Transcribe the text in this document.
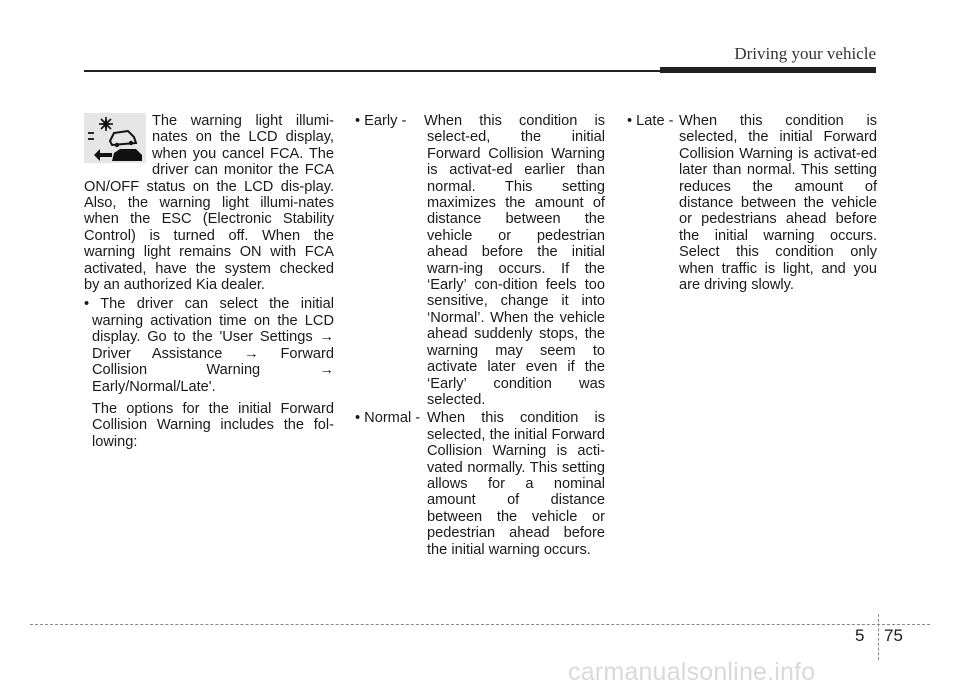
Driving your vehicle
The warning light illumi-nates on the LCD display, when you cancel FCA. The driver can monitor the FCA ON/OFF status on the LCD dis-play. Also, the warning light illumi-nates when the ESC (Electronic Stability Control) is turned off. When the warning light remains ON with FCA activated, have the system checked by an authorized Kia dealer.
• The driver can select the initial warning activation time on the LCD display. Go to the 'User Settings → Driver Assistance → Forward Collision Warning → Early/Normal/Late'.
The options for the initial Forward Collision Warning includes the fol-lowing:
• Early - When this condition is select-ed, the initial Forward Collision Warning is activat-ed earlier than normal. This setting maximizes the amount of distance between the vehicle or pedestrian ahead before the initial warn-ing occurs. If the ‘Early’ con-dition feels too sensitive, change it into ‘Normal’. When the vehicle ahead suddenly stops, the warning may seem to activate later even if the ‘Early’ condition was selected.
• Normal - When this condition is selected, the initial Forward Collision Warning is acti-vated normally. This setting allows for a nominal amount of distance between the vehicle or pedestrian ahead before the initial warning occurs.
• Late - When this condition is selected, the initial Forward Collision Warning is activat-ed later than normal. This setting reduces the amount of distance between the vehicle or pedestrians ahead before the initial warning occurs. Select this condition only when traffic is light, and you are driving slowly.
5 75
carmanualsonline.info
